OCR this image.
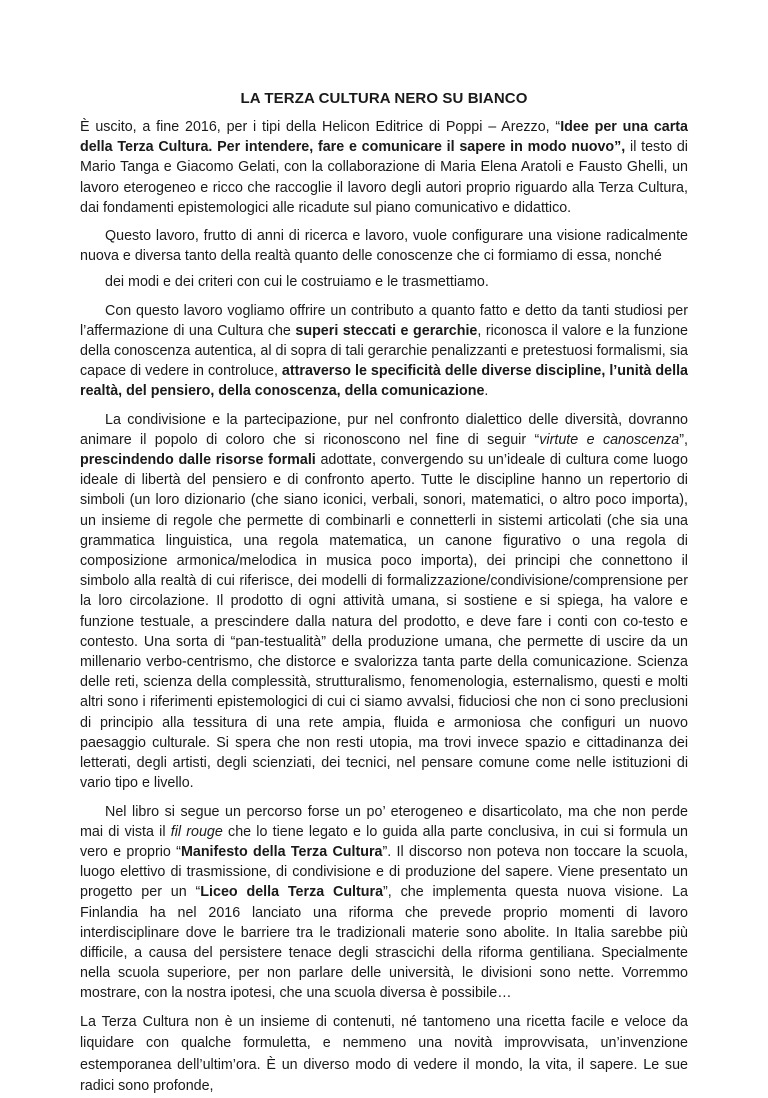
LA TERZA CULTURA NERO SU BIANCO

È uscito, a fine 2016, per i tipi della Helicon Editrice di Poppi – Arezzo, “Idee per una carta della Terza Cultura. Per intendere, fare e comunicare il sapere in modo nuovo”, il testo di Mario Tanga e Giacomo Gelati, con la collaborazione di Maria Elena Aratoli e Fausto Ghelli, un lavoro eterogeneo e ricco che raccoglie il lavoro degli autori proprio riguardo alla Terza Cultura, dai fondamenti epistemologici alle ricadute sul piano comunicativo e didattico.

Questo lavoro, frutto di anni di ricerca e lavoro, vuole configurare una visione radicalmente nuova e diversa tanto della realtà quanto delle conoscenze che ci formiamo di essa, nonché

dei modi e dei criteri con cui le costruiamo e le trasmettiamo.

Con questo lavoro vogliamo offrire un contributo a quanto fatto e detto da tanti studiosi per l’affermazione di una Cultura che superi steccati e gerarchie, riconosca il valore e la funzione della conoscenza autentica, al di sopra di tali gerarchie penalizzanti e pretestuosi formalismi, sia capace di vedere in controluce, attraverso le specificità delle diverse discipline, l’unità della realtà, del pensiero, della conoscenza, della comunicazione.

La condivisione e la partecipazione, pur nel confronto dialettico delle diversità, dovranno animare il popolo di coloro che si riconoscono nel fine di seguir “virtute e canoscenza”, prescindendo dalle risorse formali adottate, convergendo su un’ideale di cultura come luogo ideale di libertà del pensiero e di confronto aperto. Tutte le discipline hanno un repertorio di simboli (un loro dizionario (che siano iconici, verbali, sonori, matematici, o altro poco importa), un insieme di regole che permette di combinarli e connetterli in sistemi articolati (che sia una grammatica linguistica, una regola matematica, un canone figurativo o una regola di composizione armonica/melodica in musica poco importa), dei principi che connettono il simbolo alla realtà di cui riferisce, dei modelli di formalizzazione/condivisione/comprensione per la loro circolazione. Il prodotto di ogni attività umana, si sostiene e si spiega, ha valore e funzione testuale, a prescindere dalla natura del prodotto, e deve fare i conti con co-testo e contesto. Una sorta di “pan-testualità” della produzione umana, che permette di uscire da un millenario verbo-centrismo, che distorce e svalorizza tanta parte della comunicazione. Scienza delle reti, scienza della complessità, strutturalismo, fenomenologia, esternalismo, questi e molti altri sono i riferimenti epistemologici di cui ci siamo avvalsi, fiduciosi che non ci sono preclusioni di principio alla tessitura di una rete ampia, fluida e armoniosa che configuri un nuovo paesaggio culturale. Si spera che non resti utopia, ma trovi invece spazio e cittadinanza dei letterati, degli artisti, degli scienziati, dei tecnici, nel pensare comune come nelle istituzioni di vario tipo e livello.

Nel libro si segue un percorso forse un po’ eterogeneo e disarticolato, ma che non perde mai di vista il fil rouge che lo tiene legato e lo guida alla parte conclusiva, in cui si formula un vero e proprio “Manifesto della Terza Cultura”. Il discorso non poteva non toccare la scuola, luogo elettivo di trasmissione, di condivisione e di produzione del sapere. Viene presentato un progetto per un “Liceo della Terza Cultura”, che implementa questa nuova visione. La Finlandia ha nel 2016 lanciato una riforma che prevede proprio momenti di lavoro interdisciplinare dove le barriere tra le tradizionali materie sono abolite. In Italia sarebbe più difficile, a causa del persistere tenace degli strascichi della riforma gentiliana. Specialmente nella scuola superiore, per non parlare delle università, le divisioni sono nette. Vorremmo mostrare, con la nostra ipotesi, che una scuola diversa è possibile…

La Terza Cultura non è un insieme di contenuti, né tantomeno una ricetta facile e veloce da liquidare con qualche formuletta, e nemmeno una novità improvvisata, un’invenzione estemporanea dell’ultim’ora. È un diverso modo di vedere il mondo, la vita, il sapere. Le sue radici sono profonde,
